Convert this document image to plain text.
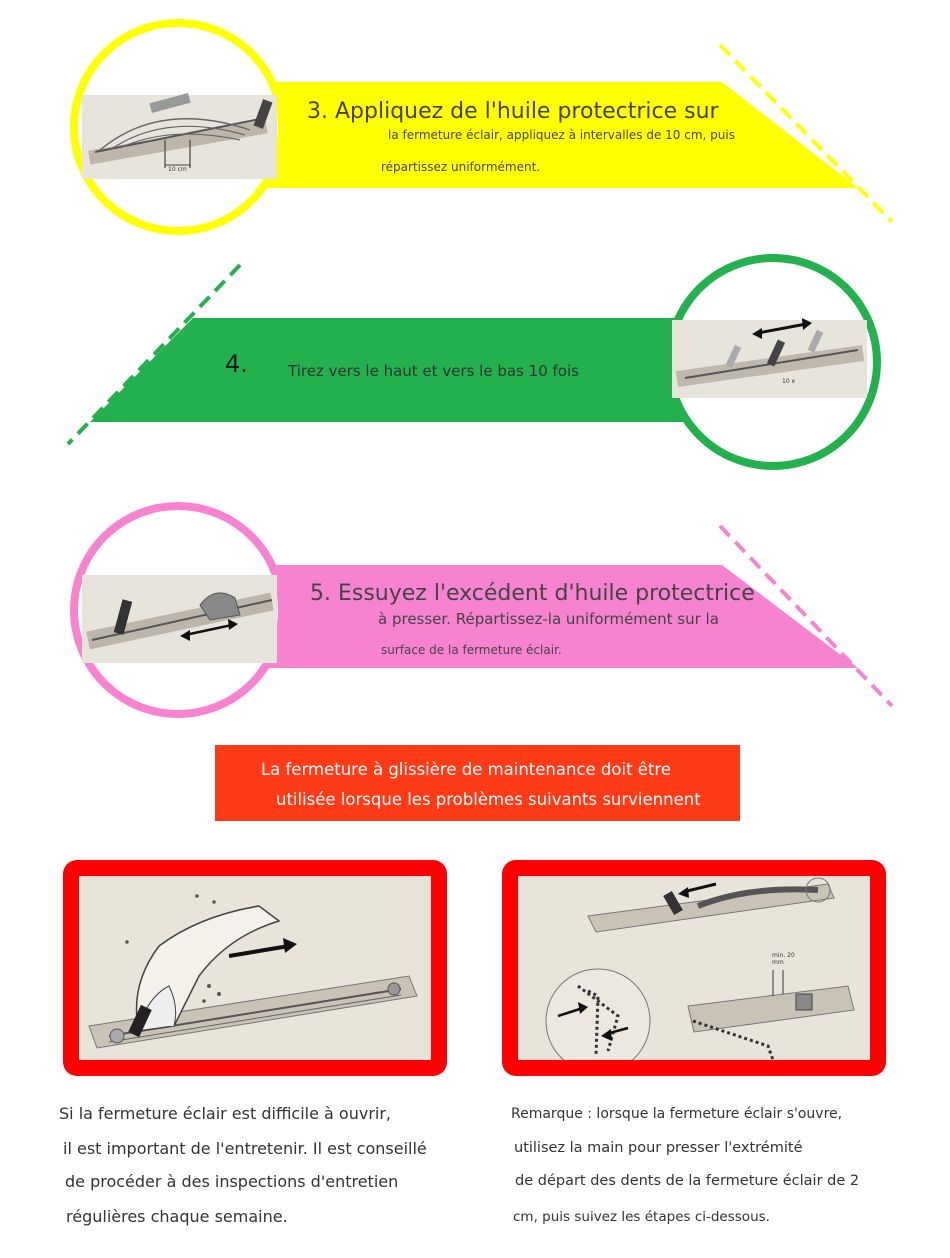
3. Appliquez de l'huile protectrice sur
la fermeture éclair, appliquez à intervalles de 10 cm, puis
répartissez uniformément.
10 cm
4.	Tirez vers le haut et vers le bas 10 fois
10 x
5. Essuyez l'excédent d'huile protectrice
à presser. Répartissez-la uniformément sur la
surface de la fermeture éclair.
La fermeture à glissière de maintenance doit être
utilisée lorsque les problèmes suivants surviennent
min. 20 mm
Si la fermeture éclair est difficile à ouvrir,
il est important de l'entretenir. Il est conseillé
de procéder à des inspections d'entretien
régulières chaque semaine.
Remarque : lorsque la fermeture éclair s'ouvre,
utilisez la main pour presser l'extrémité
de départ des dents de la fermeture éclair de 2
cm, puis suivez les étapes ci-dessous.
